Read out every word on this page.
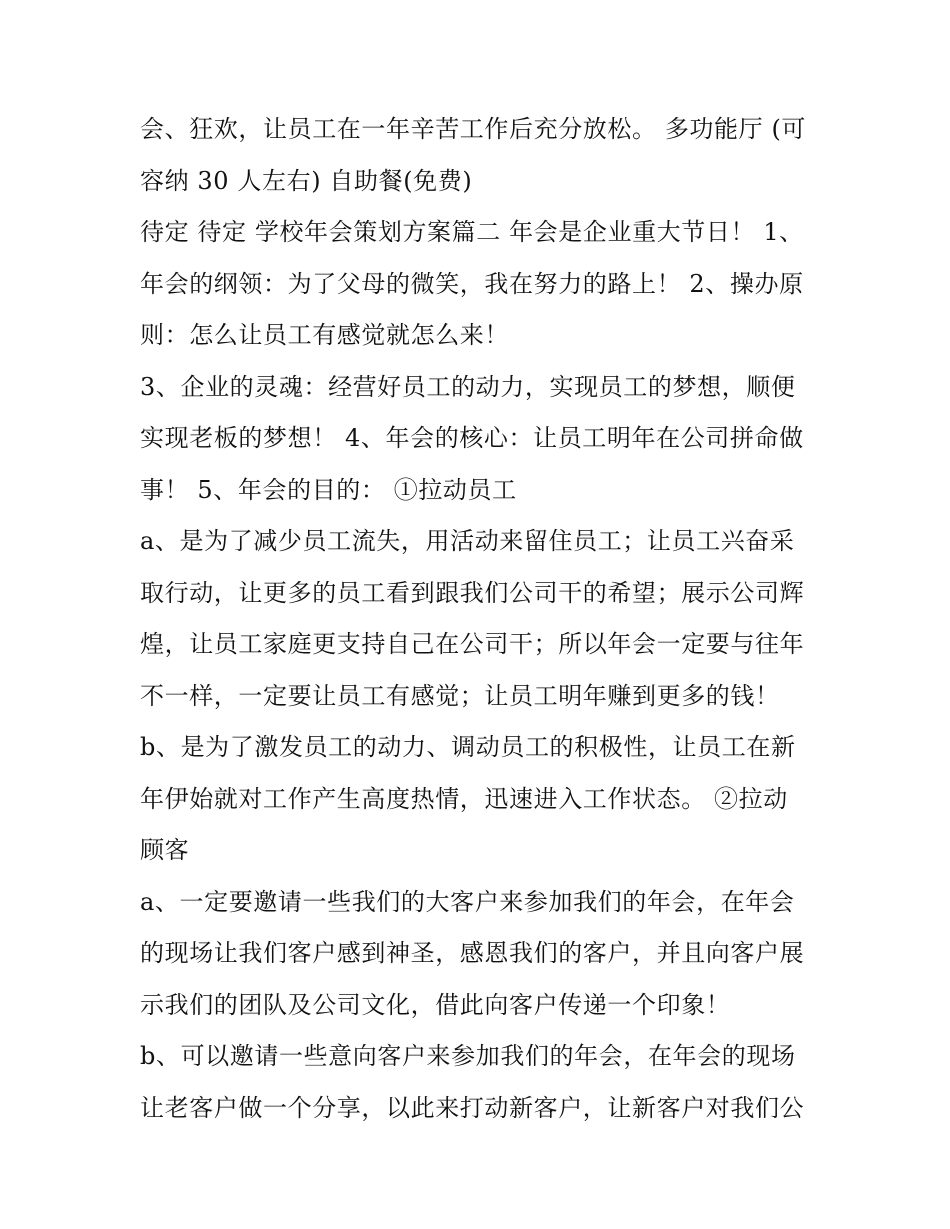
会、狂欢，让员工在一年辛苦工作后充分放松。 多功能厅 (可
容纳 30 人左右) 自助餐(免费)
待定 待定 学校年会策划方案篇二 年会是企业重大节日！ 1、
年会的纲领：为了父母的微笑，我在努力的路上！ 2、操办原
则：怎么让员工有感觉就怎么来！
3、企业的灵魂：经营好员工的动力，实现员工的梦想，顺便
实现老板的梦想！ 4、年会的核心：让员工明年在公司拼命做
事！ 5、年会的目的： ①拉动员工
a、是为了减少员工流失，用活动来留住员工；让员工兴奋采
取行动，让更多的员工看到跟我们公司干的希望；展示公司辉
煌，让员工家庭更支持自己在公司干；所以年会一定要与往年
不一样，一定要让员工有感觉；让员工明年赚到更多的钱！
b、是为了激发员工的动力、调动员工的积极性，让员工在新
年伊始就对工作产生高度热情，迅速进入工作状态。 ②拉动
顾客
a、一定要邀请一些我们的大客户来参加我们的年会，在年会
的现场让我们客户感到神圣，感恩我们的客户，并且向客户展
示我们的团队及公司文化，借此向客户传递一个印象！
b、可以邀请一些意向客户来参加我们的年会，在年会的现场
让老客户做一个分享，以此来打动新客户，让新客户对我们公
